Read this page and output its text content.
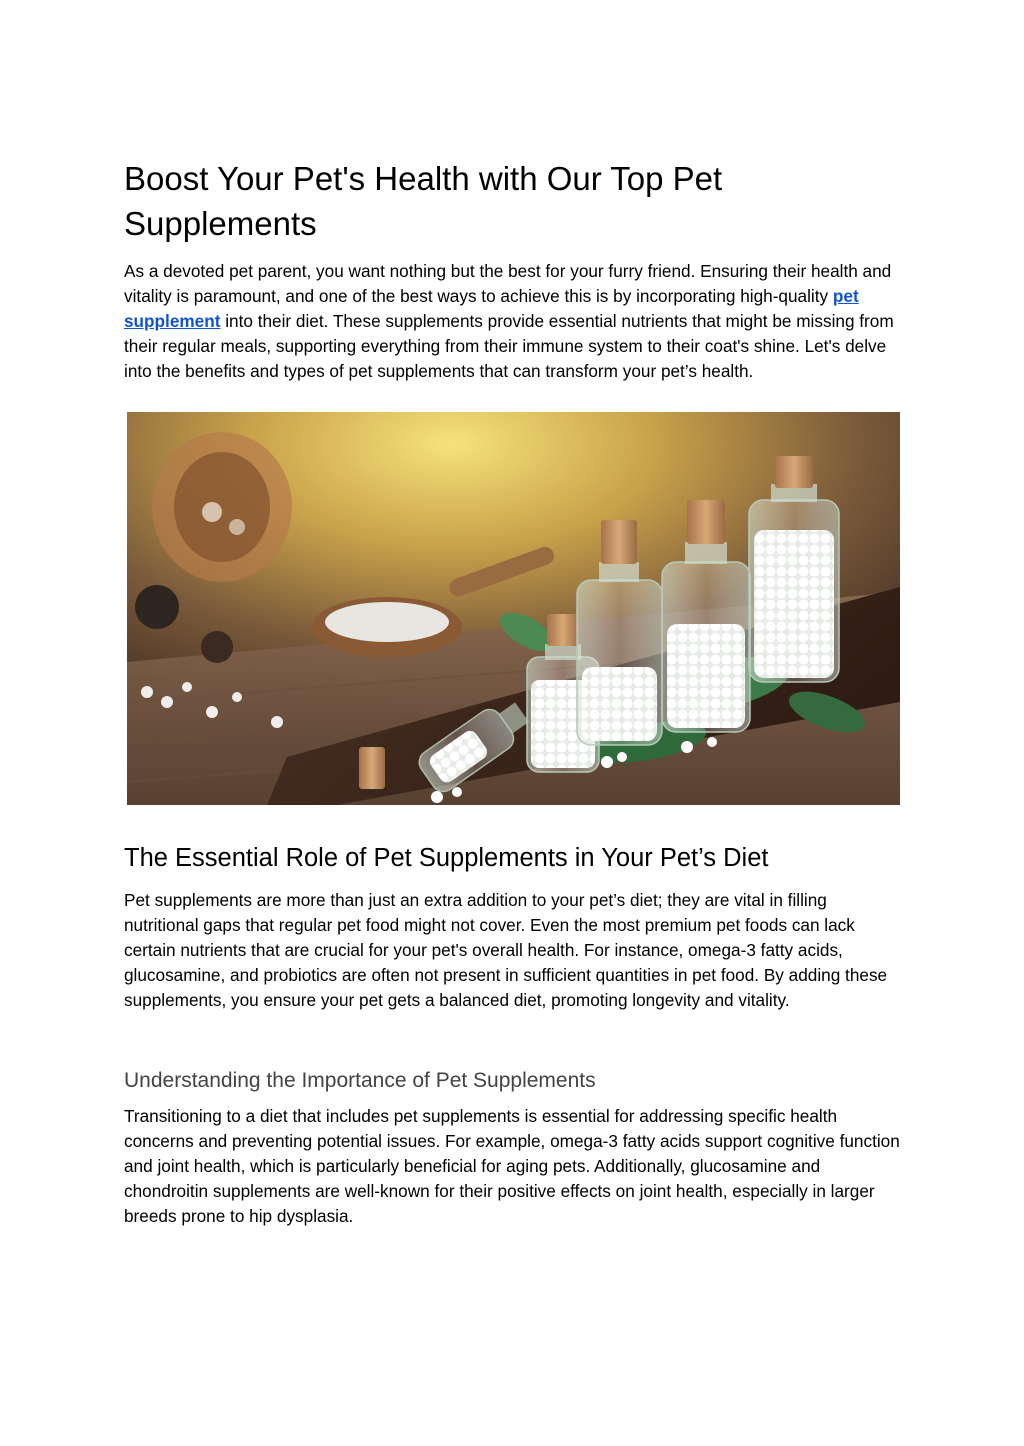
Boost Your Pet's Health with Our Top Pet Supplements

As a devoted pet parent, you want nothing but the best for your furry friend. Ensuring their health and vitality is paramount, and one of the best ways to achieve this is by incorporating high-quality pet supplement into their diet. These supplements provide essential nutrients that might be missing from their regular meals, supporting everything from their immune system to their coat's shine. Let's delve into the benefits and types of pet supplements that can transform your pet’s health.

The Essential Role of Pet Supplements in Your Pet’s Diet

Pet supplements are more than just an extra addition to your pet’s diet; they are vital in filling nutritional gaps that regular pet food might not cover. Even the most premium pet foods can lack certain nutrients that are crucial for your pet's overall health. For instance, omega-3 fatty acids, glucosamine, and probiotics are often not present in sufficient quantities in pet food. By adding these supplements, you ensure your pet gets a balanced diet, promoting longevity and vitality.

Understanding the Importance of Pet Supplements

Transitioning to a diet that includes pet supplements is essential for addressing specific health concerns and preventing potential issues. For example, omega-3 fatty acids support cognitive function and joint health, which is particularly beneficial for aging pets. Additionally, glucosamine and chondroitin supplements are well-known for their positive effects on joint health, especially in larger breeds prone to hip dysplasia.
